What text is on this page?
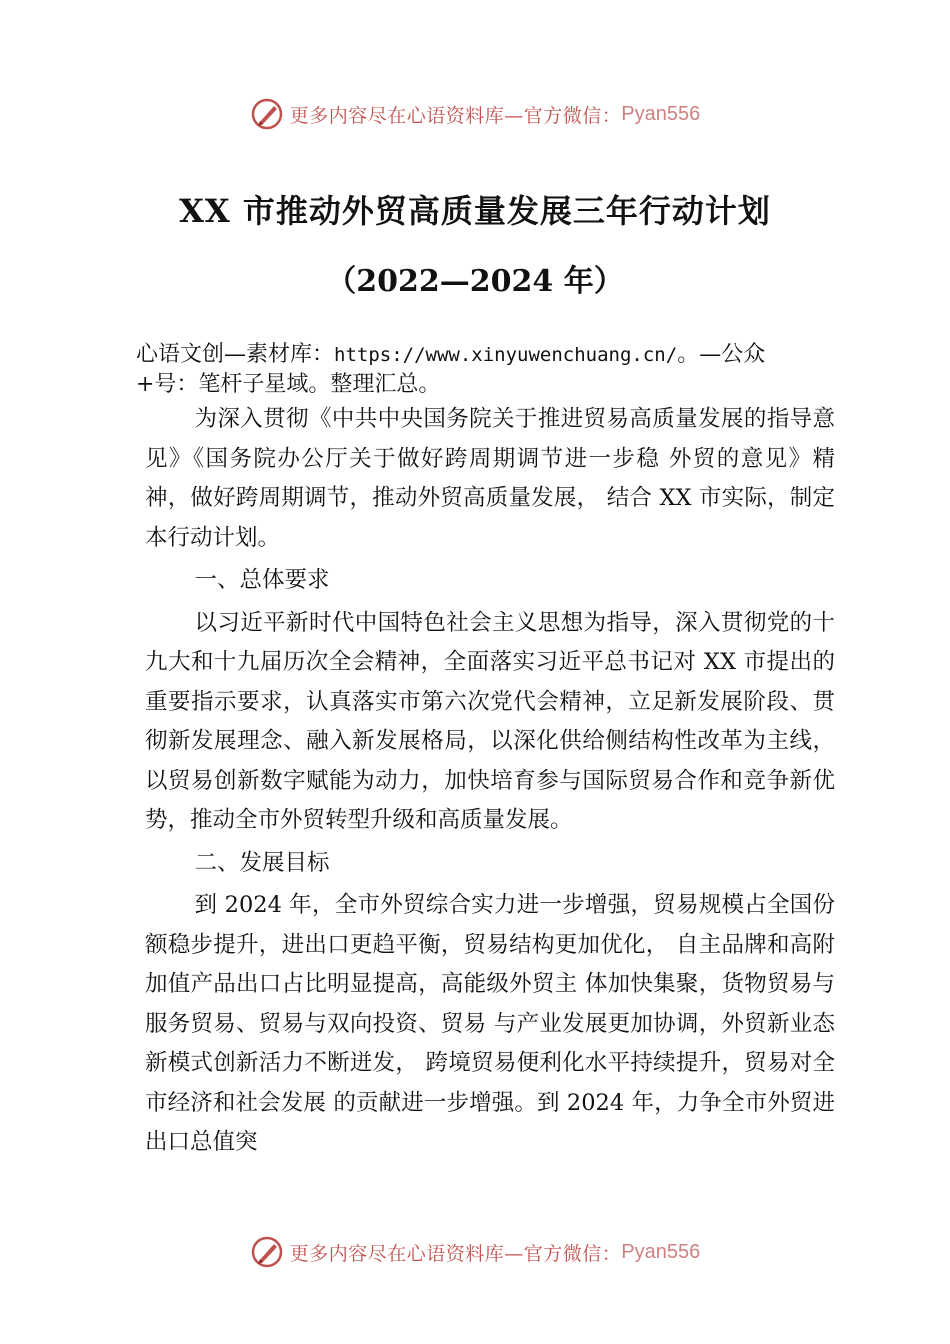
更多内容尽在心语资料库—官方微信： Pyan556
XX 市推动外贸高质量发展三年行动计划
（2022—2024 年）
心语文创—素材库：https://www.xinyuwenchuang.cn/。—公众+号：笔杆子星域。整理汇总。

为深入贯彻《中共中央国务院关于推进贸易高质量发展的指导意见》《国务院办公厅关于做好跨周期调节进一步稳 外贸的意见》精神，做好跨周期调节，推动外贸高质量发展， 结合 XX 市实际，制定本行动计划。

一、总体要求

以习近平新时代中国特色社会主义思想为指导，深入贯彻党的十九大和十九届历次全会精神，全面落实习近平总书记对 XX 市提出的重要指示要求，认真落实市第六次党代会精神，立足新发展阶段、贯彻新发展理念、融入新发展格局，以深化供给侧结构性改革为主线，以贸易创新数字赋能为动力，加快培育参与国际贸易合作和竞争新优势，推动全市外贸转型升级和高质量发展。

二、发展目标

到 2024 年，全市外贸综合实力进一步增强，贸易规模占全国份额稳步提升，进出口更趋平衡，贸易结构更加优化， 自主品牌和高附加值产品出口占比明显提高，高能级外贸主 体加快集聚，货物贸易与服务贸易、贸易与双向投资、贸易 与产业发展更加协调，外贸新业态新模式创新活力不断迸发， 跨境贸易便利化水平持续提升，贸易对全市经济和社会发展 的贡献进一步增强。到 2024 年，力争全市外贸进出口总值突

更多内容尽在心语资料库—官方微信： Pyan556
